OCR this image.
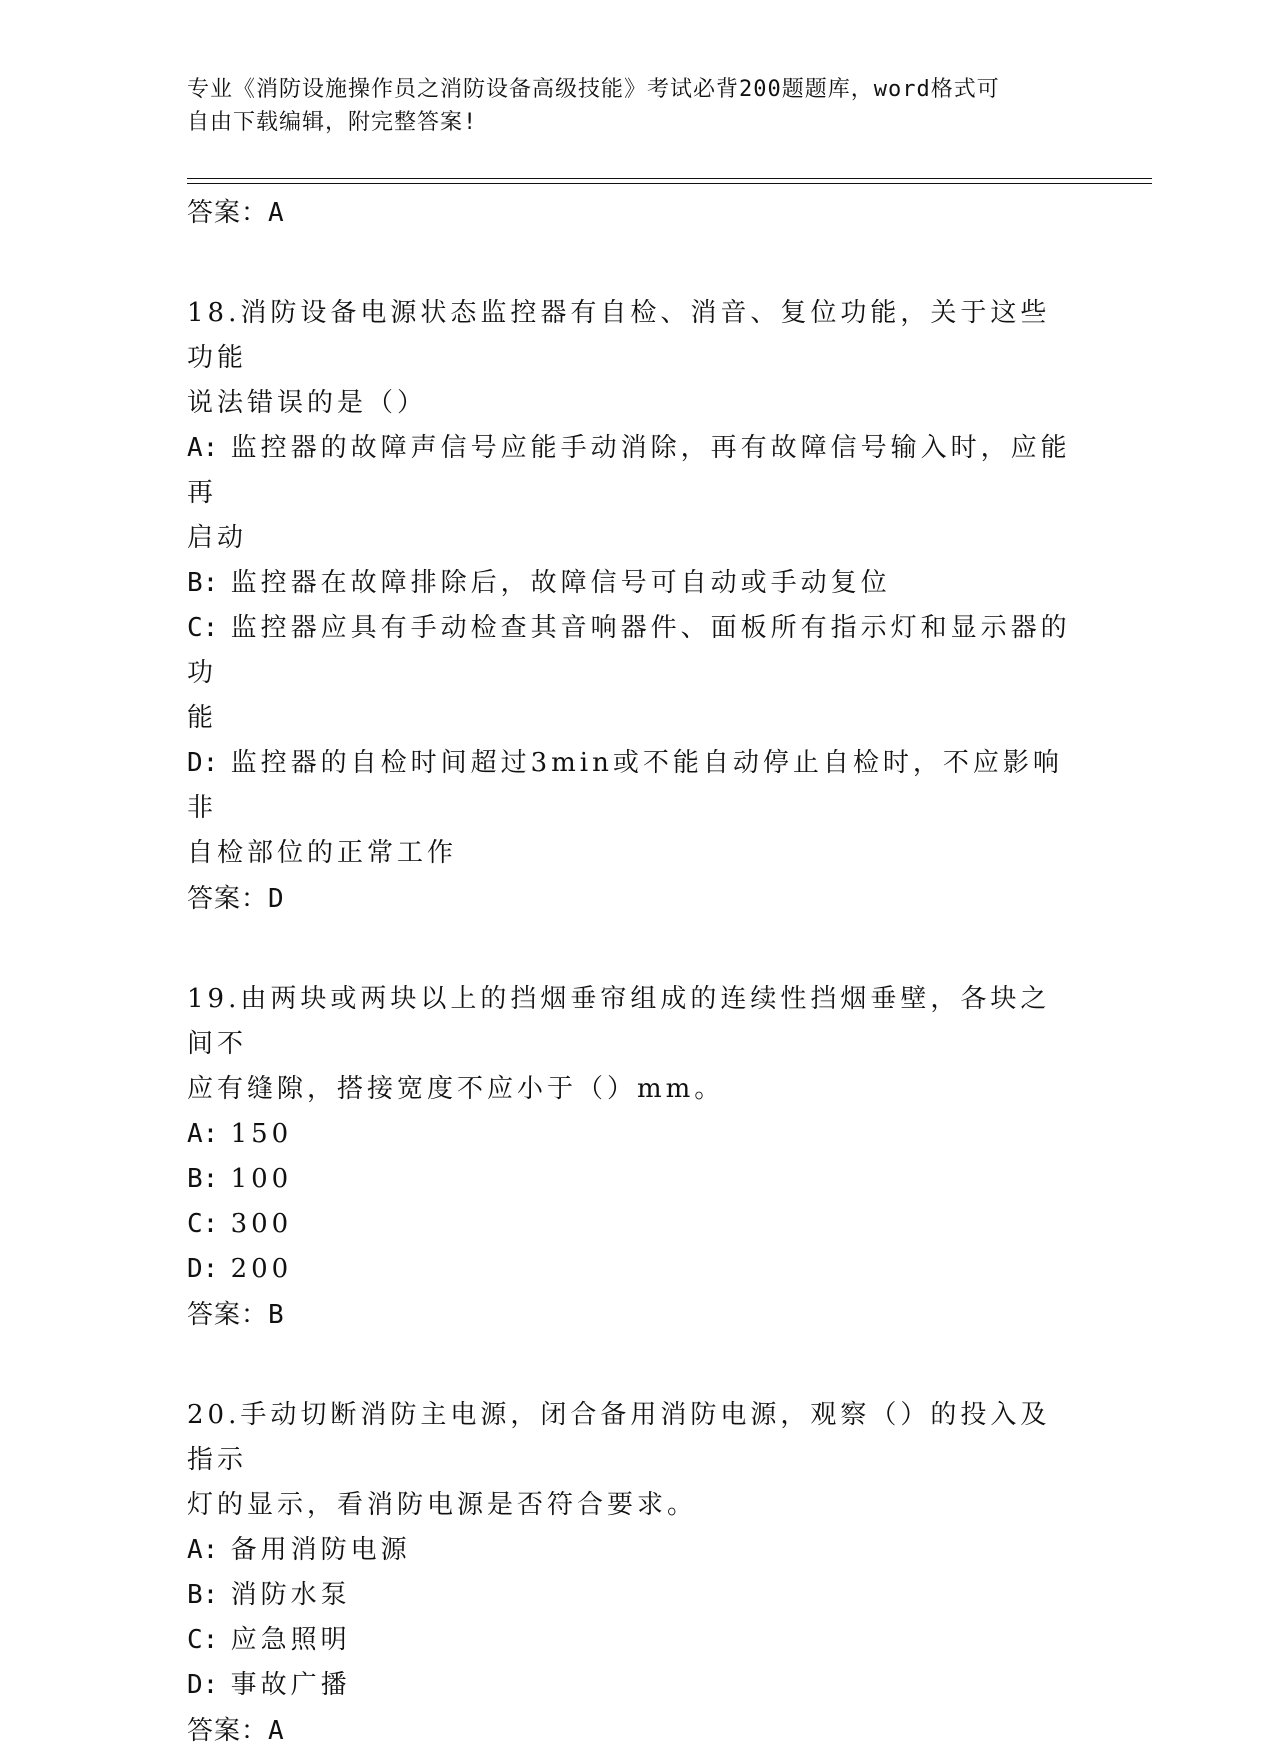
专业《消防设施操作员之消防设备高级技能》考试必背200题题库，word格式可
自由下载编辑，附完整答案!
答案：A
18.消防设备电源状态监控器有自检、消音、复位功能，关于这些功能
说法错误的是（）
A: 监控器的故障声信号应能手动消除，再有故障信号输入时，应能再
启动
B: 监控器在故障排除后，故障信号可自动或手动复位
C: 监控器应具有手动检查其音响器件、面板所有指示灯和显示器的功
能
D: 监控器的自检时间超过3min或不能自动停止自检时，不应影响非
自检部位的正常工作
答案：D
19.由两块或两块以上的挡烟垂帘组成的连续性挡烟垂壁，各块之间不
应有缝隙，搭接宽度不应小于（）mm。
A: 150
B: 100
C: 300
D: 200
答案：B
20.手动切断消防主电源，闭合备用消防电源，观察（）的投入及指示
灯的显示，看消防电源是否符合要求。
A: 备用消防电源
B: 消防水泵
C: 应急照明
D: 事故广播
答案：A
